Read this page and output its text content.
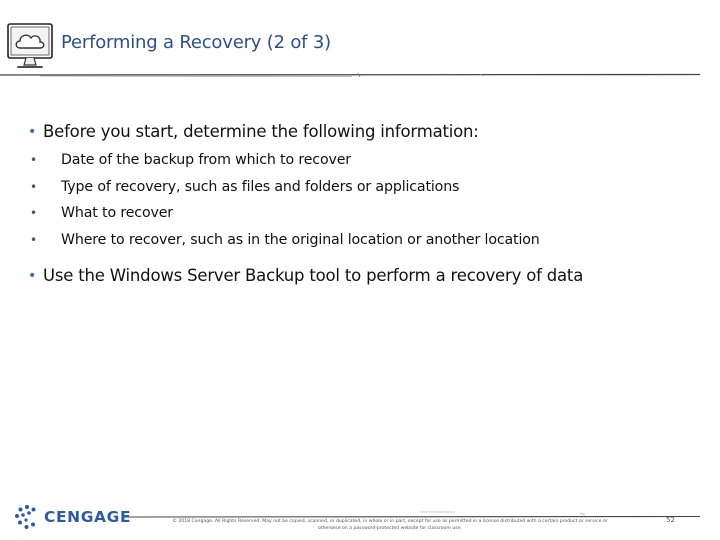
Performing a Recovery (2 of 3)
• Before you start, determine the following information:
• Date of the backup from which to recover
• Type of recovery, such as files and folders or applications
• What to recover
• Where to recover, such as in the original location or another location
• Use the Windows Server Backup tool to perform a recovery of data
CENGAGE	© 2018 Cengage. All Rights Reserved. May not be copied, scanned, or duplicated, in whole or in part, except for use as permitted in a license distributed with a certain product or service or
otherwise on a password-protected website for classroom use.
52
